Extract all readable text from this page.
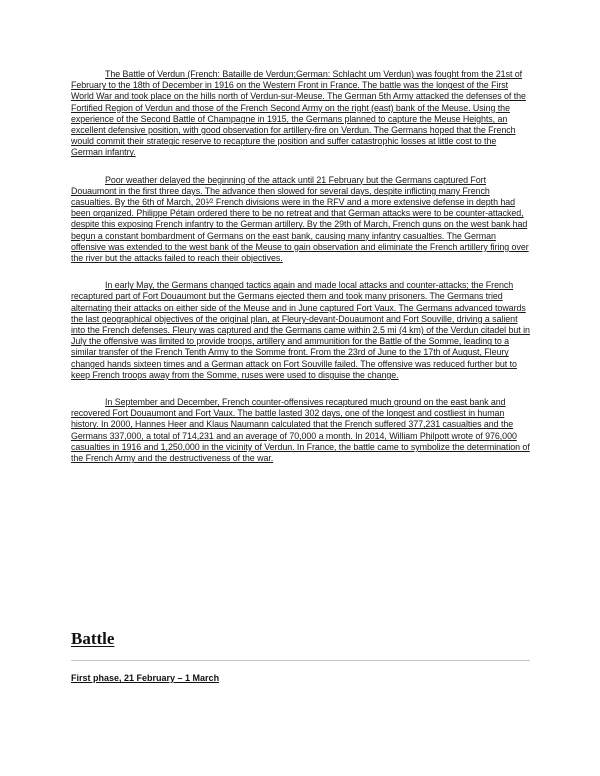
The Battle of Verdun (French: Bataille de Verdun;German: Schlacht um Verdun) was fought from the 21st of February to the 18th of December in 1916 on the Western Front in France. The battle was the longest of the First World War and took place on the hills north of Verdun-sur-Meuse. The German 5th Army attacked the defenses of the Fortified Region of Verdun and those of the French Second Army on the right (east) bank of the Meuse. Using the experience of the Second Battle of Champagne in 1915, the Germans planned to capture the Meuse Heights, an excellent defensive position, with good observation for artillery-fire on Verdun. The Germans hoped that the French would commit their strategic reserve to recapture the position and suffer catastrophic losses at little cost to the German infantry.

Poor weather delayed the beginning of the attack until 21 February but the Germans captured Fort Douaumont in the first three days. The advance then slowed for several days, despite inflicting many French casualties. By the 6th of March, $20^1⁄^2$ French divisions were in the RFV and a more extensive defense in depth had been organized. Philippe Pétain ordered there to be no retreat and that German attacks were to be counter-attacked, despite this exposing French infantry to the German artillery. By the 29th of March, French guns on the west bank had begun a constant bombardment of Germans on the east bank, causing many infantry casualties. The German offensive was extended to the west bank of the Meuse to gain observation and eliminate the French artillery firing over the river but the attacks failed to reach their objectives.

In early May, the Germans changed tactics again and made local attacks and counter-attacks; the French recaptured part of Fort Douaumont but the Germans ejected them and took many prisoners. The Germans tried alternating their attacks on either side of the Meuse and in June captured Fort Vaux. The Germans advanced towards the last geographical objectives of the original plan, at Fleury-devant-Douaumont and Fort Souville, driving a salient into the French defenses. Fleury was captured and the Germans came within 2.5 mi (4 km) of the Verdun citadel but in July the offensive was limited to provide troops, artillery and ammunition for the Battle of the Somme, leading to a similar transfer of the French Tenth Army to the Somme front. From the 23rd of June to the 17th of August, Fleury changed hands sixteen times and a German attack on Fort Souville failed. The offensive was reduced further but to keep French troops away from the Somme, ruses were used to disguise the change.

In September and December, French counter-offensives recaptured much ground on the east bank and recovered Fort Douaumont and Fort Vaux. The battle lasted 302 days, one of the longest and costliest in human history. In 2000, Hannes Heer and Klaus Naumann calculated that the French suffered 377,231 casualties and the Germans 337,000, a total of 714,231 and an average of 70,000 a month. In 2014, William Philpott wrote of 976,000 casualties in 1916 and 1,250,000 in the vicinity of Verdun. In France, the battle came to symbolize the determination of the French Army and the destructiveness of the war.

Battle
First phase, 21 February – 1 March
